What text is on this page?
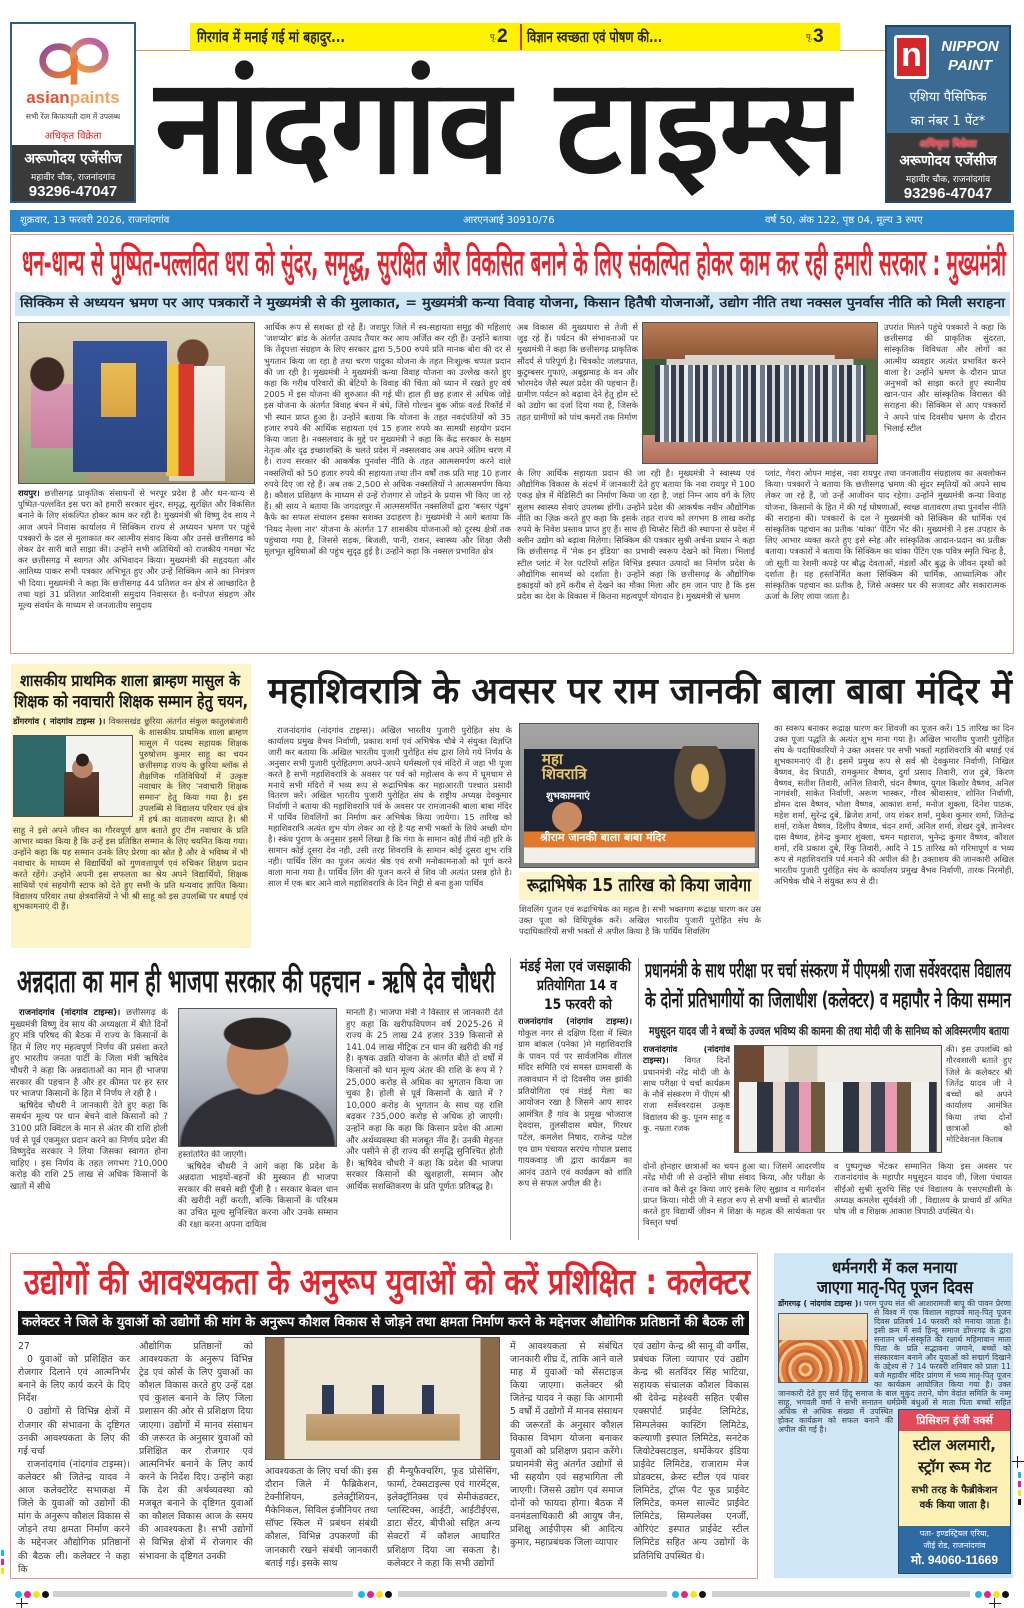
asianpaints
सभी रेंज किफायती दाम में उपलब्ध
अधिकृत विक्रेता
अरूणोदय एजेंसीज
महावीर चौक, राजनांदगांव
93296-47047
गिरगांव में मनाई गई मां बहादुर...	पृ.2 विज्ञान स्वच्छता एवं पोषण की...	पृ.3
नांदगांव टाइम्स n	NIPPON
PAINT
एशिया पैसिफिक
का नंबर 1 पेंट*
अधिकृत विक्रेता
अरूणोदय एजेंसीज
महावीर चौक, राजनांदगांव
93296-47047
शुक्रवार, 13 फरवरी 2026, राजनांदगांव	आरएनआई 30910/76	वर्ष 50, अंक 122, पृष्ठ 04, मूल्य 3 रुपए
धन-धान्य से पुष्पित-पल्लवित धरा को सुंदर, समृद्ध, सुरक्षित और विकसित बनाने के लिए संकल्पित होकर काम कर रही हमारी सरकार : मुख्यमंत्री
सिक्किम से अध्ययन भ्रमण पर आए पत्रकारों ने मुख्यमंत्री से की मुलाकात, = मुख्यमंत्री कन्या विवाह योजना, किसान हितैषी योजनाओं, उद्योग नीति तथा नक्सल पुनर्वास नीति को मिली सराहना

रायपुर। छत्तीसगढ़ प्राकृतिक संसाधनों से भरपूर प्रदेश है और धन-धान्य से पुष्पित-पल्लवित इस धरा को हमारी सरकार सुंदर, समृद्ध, सुरक्षित और विकसित बनाने के लिए संकल्पित होकर काम कर रही है। मुख्यमंत्री श्री विष्णु देव साय ने आज अपने निवास कार्यालय में सिक्किम राज्य से अध्ययन भ्रमण पर पहुंचे पत्रकारों के दल से मुलाकात कर आत्मीय संवाद किया और उनसे छत्तीसगढ़ को लेकर ढेर सारी बातें साझा की। उन्होंने सभी अतिथियों को राजकीय गमछा भेंट कर छत्तीसगढ़ में स्वागत और अभिवादन किया। मुख्यमंत्री की सहृदयता और आतिथ्य पाकर सभी पत्रकार अभिभूत हुए और उन्हें सिक्किम आने का निमंत्रण भी दिया। मुख्यमंत्री ने कहा कि छत्तीसगढ़ 44 प्रतिशत वन क्षेत्र से आच्छादित है तथा यहां 31 प्रतिशत आदिवासी समुदाय निवासरत है। वनोपज संग्रहण और मूल्य संवर्धन के माध्यम से जनजातीय समुदाय

आर्थिक रूप से सशक्त हो रहे हैं। जशपुर जिले में स्व-सहायता समूह की महिलाएं 'जशप्योर' ब्रांड के अंतर्गत उत्पाद तैयार कर आय अर्जित कर रही हैं। उन्होंने बताया कि तेंदूपत्ता संग्रहण के लिए सरकार द्वारा 5,500 रुपये प्रति मानक बोरा की दर से भुगतान किया जा रहा है तथा चरण पादुका योजना के तहत निःशुल्क चप्पल प्रदान की जा रही है। मुख्यमंत्री ने मुख्यमंत्री कन्या विवाह योजना का उल्लेख करते हुए कहा कि गरीब परिवारों की बेटियों के विवाह की चिंता को ध्यान में रखते हुए वर्ष 2005 में इस योजना की शुरुआत की गई थी। हाल ही छह हजार से अधिक जोड़े इस योजना के अंतर्गत विवाह बंधन में बंधे, जिसे गोल्डन बुक ऑफ़ वर्ल्ड रिकॉर्ड में भी स्थान प्राप्त हुआ है। उन्होंने बताया कि योजना के तहत नवदंपतियों को 35 हजार रुपये की आर्थिक सहायता एवं 15 हजार रुपये का सामग्री सहयोग प्रदान किया जाता है। नक्सलवाद के मुद्दे पर मुख्यमंत्री ने कहा कि केंद्र सरकार के सक्षम नेतृत्व और दृढ़ इच्छाशक्ति के चलते प्रदेश में नक्सलवाद अब अपने अंतिम चरण में है। राज्य सरकार की आकर्षक पुनर्वास नीति के तहत आत्मसमर्पण करने वाले नक्सलियों को 50 हजार रुपये की सहायता तथा तीन वर्षों तक प्रति माह 10 हजार रुपये दिए जा रहे हैं। अब तक 2,500 से अधिक नक्सलियों ने आत्मसमर्पण किया है। कौशल प्रशिक्षण के माध्यम से उन्हें रोजगार से जोड़ने के प्रयास भी किए जा रहे हैं। श्री साय ने बताया कि जगदलपुर में आत्मसमर्पित नक्सलियों द्वारा 'बस्तर पंडुम' कैफे का सफल संचालन इसका सशक्त उदाहरण है। मुख्यमंत्री ने आगे बताया कि 'नियद नेल्ला नार' योजना के अंतर्गत 17 शासकीय योजनाओं को दूरस्थ क्षेत्रों तक पहुंचाया गया है, जिससे सड़क, बिजली, पानी, राशन, स्वास्थ्य और शिक्षा जैसी मूलभूत सुविधाओं की पहुंच सुदृढ़ हुई है। उन्होंने कहा कि नक्सल प्रभावित क्षेत्र

अब विकास की मुख्यधारा से तेजी से जुड़ रहे हैं। पर्यटन की संभावनाओं पर मुख्यमंत्री ने कहा कि छत्तीसगढ़ प्राकृतिक सौंदर्य से परिपूर्ण है। चित्रकोट जलप्रपात, कुटुम्बसर गुफाएं, अबूझमाड़ के वन और भोरमदेव जैसे स्थल प्रदेश की पहचान हैं। ग्रामीण पर्यटन को बढ़ावा देने हेतु होम स्टे को उद्योग का दर्जा दिया गया है, जिसके तहत ग्रामीणों को पांच कमरों तक निर्माण

उपरांत मिलने पहुंचे पत्रकारों ने कहा कि छत्तीसगढ़ की प्राकृतिक सुंदरता, सांस्कृतिक विविधता और लोगों का आत्मीय व्यवहार अत्यंत प्रभावित करने वाला है। उन्होंने भ्रमण के दौरान प्राप्त अनुभवों को साझा करते हुए स्थानीय खान-पान और सांस्कृतिक विरासत की सराहना की। सिक्किम से आए पत्रकारों ने अपने पांच दिवसीय भ्रमण के दौरान भिलाई स्टील

के लिए आर्थिक सहायता प्रदान की जा रही है। मुख्यमंत्री ने स्वास्थ्य एवं औद्योगिक विकास के संदर्भ में जानकारी देते हुए बताया कि नवा रायपुर में 100 एकड़ क्षेत्र में मेडिसिटी का निर्माण किया जा रहा है, जहां निम्न आय वर्ग के लिए सुलभ स्वास्थ्य सेवाएं उपलब्ध होंगी। उन्होंने प्रदेश की आकर्षक नवीन औद्योगिक नीति का ज़िक्र करते हुए कहा कि इसके तहत राज्य को लगभग 8 लाख करोड़ रुपये के निवेश प्रस्ताव प्राप्त हुए हैं। साथ ही चिप्सेट सिटी की स्थापना से प्रदेश में क्लीन उद्योग को बढ़ावा मिलेगा। सिक्किम की पत्रकार सुश्री अर्चना प्रधान ने कहा कि छत्तीसगढ़ में 'मेक इन इंडिया' का प्रभावी स्वरूप देखने को मिला। भिलाई स्टील प्लांट में रेल पटरियों सहित विभिन्न इस्पात उत्पादों का निर्माण प्रदेश के औद्योगिक सामर्थ्य को दर्शाता है। उन्होंने कहा कि छत्तीसगढ़ के औद्योगिक इकाइयों को हमें करीब से देखने का मौका मिला और हम जान पाए है कि इस प्रदेश का देश के विकास में कितना महत्वपूर्ण योगदान है। मुख्यमंत्री से भ्रमण

प्लांट, गेवरा ओपन माइंस, नवा रायपुर तथा जनजातीय संग्रहालय का अवलोकन किया। पत्रकारों ने बताया कि छत्तीसगढ़ भ्रमण की सुंदर स्मृतियों को अपने साथ लेकर जा रहे हैं, जो उन्हें आजीवन याद रहेगा। उन्होंने मुख्यमंत्री कन्या विवाह योजना, किसानों के हित में की गई घोषणाओं, स्वच्छ वातावरण तथा पुनर्वास नीति की सराहना की। पत्रकारों के दल ने मुख्यमंत्री को सिक्किम की धार्मिक एवं सांस्कृतिक पहचान का प्रतीक 'थांका' पेंटिंग भेंट की। मुख्यमंत्री ने इस उपहार के लिए आभार व्यक्त करते हुए इसे स्नेह और सांस्कृतिक आदान-प्रदान का प्रतीक बताया। पत्रकारों ने बताया कि सिक्किम का थांका पेंटिंग एक पवित्र स्मृति चिन्ह है, जो सूती या रेशमी कपड़े पर बौद्ध देवताओं, मंडलों और बुद्ध के जीवन दृश्यों को दर्शाता है। यह हस्तनिर्मित कला सिक्किम की धार्मिक, आध्यात्मिक और सांस्कृतिक पहचान का प्रतीक है, जिसे अक्सर घर की सजावट और सकारात्मक ऊर्जा के लिए लाया जाता है।

शासकीय प्राथमिक शाला ब्राम्हण मासुल के
शिक्षक को नवाचारी शिक्षक सम्मान हेतु चयन,

डोंगरगांव ( नांदगांव टाइम्स )। विकासखंड छुरिया अंतर्गत संकुल कातुलबंजारी के शासकीय प्राथमिक शाला ब्राम्हण मासुल में पदस्थ सहायक शिक्षक पुरुषोत्तम कुमार साहू का चयन छत्तीसगढ़ राज्य के छुरिया ब्लॉक से शैक्षणिक गतिविधियों में उत्कृष्ट नवाचार के लिए 'नवाचारी शिक्षक सम्मान' हेतु किया गया है। इस उपलब्धि से विद्यालय परिवार एवं क्षेत्र में हर्ष का वातावरण व्याप्त है। श्री साहू ने इसे अपने जीवन का गौरवपूर्ण क्षण बताते हुए टीम नवाचार के प्रति आभार व्यक्त किया है कि उन्हें इस प्रतिष्ठित सम्मान के लिए चयनित किया गया। उन्होंने कहा कि यह सम्मान उनके लिए प्रेरणा का स्रोत है और वे भविष्य में भी नवाचार के माध्यम से विद्यार्थियों को गुणवत्तापूर्ण एवं रुचिकर शिक्षण प्रदान करते रहेंगे। उन्होंने अपनी इस सफलता का श्रेय अपने विद्यार्थियों, शिक्षक साथियों एवं सहयोगी स्टाफ को देते हुए सभी के प्रति धन्यवाद ज्ञापित किया। विद्यालय परिवार तथा क्षेत्रवासियों ने भी श्री साहू को इस उपलब्धि पर बधाई एवं शुभकामनाएं दी हैं।

महाशिवरात्रि के अवसर पर राम जानकी बाला बाबा मंदिर में

राजनांदगांव (नांदगांव टाइम्स)। अखिल भारतीय पुजारी पुरोहित संघ के कार्यालय प्रमुख वैभव निर्वाणी, प्रकाश शर्मा एवं अभिषेक चौबे ने संयुक्त विज्ञप्ति जारी कर बताया कि अखिल भारतीय पुजारी पुरोहित संघ द्वारा लिये गये निर्णय के अनुसार सभी पुजारी पुरोहितगण अपने-अपने धर्मस्थलों एवं मंदिरों में जहा भी पूजा करते है सभी महाशिवरात्रि के अवसर पर पर्व को महोत्सव के रूप में धूमधाम से मनाये सभी मंदिरों में भव्य रूप से रूद्राभिषेक कर महाआरती पश्चात प्रसादी वितरण करें। अखिल भारतीय पुजारी पुरोहित संघ के राष्ट्रीय अध्यक्ष देवकुमार निर्वाणी ने बताया की महाशिवरात्रि पर्व के अवसर पर रामजानकी बाला बाबा मंदिर में पार्थिव शिवलिंगों का निर्माण कर अभिषेक किया जायेगा। 15 तारिख को महाशिवरात्रि अत्यंत शुभ योग लेकर आ रहे है यह सभी भक्तों के लिये अच्छी योग है। स्कंध पुराण के अनुसार इसमें लिखा है कि गंगा के सामान कोई तीर्थ नही हरि के सामान कोई दूसरा देव नही, उसी तरह शिवरात्रि के सामान कोई दूसरा शुभ रात्रि नही। पार्थिव लिंग का पूजन अत्यंत श्रेष्ठ एवं सभी मनोकामनाओं को पूर्ण करने वाला माना गया है। पार्थिव लिंग की पूजन करने से शिव जी अत्यंत प्रसन्न होते है। साल में एक बार आने वाले महाशिवरात्रि के दिन मिट्टी से बना हुआ पार्थिव

महा
शिवरात्रि
शुभकामनाएं
श्रीराम जानकी बाला बाबा मंदिर
रूद्राभिषेक 15 तारिख को किया जावेगा

शिवलिंग पूजन एवं रूद्राभिषेक का महत्व है। सभी भक्तगण रूद्राक्ष धारण कर उस उक्त पूजा को विधिपूर्वक करें। अखिल भारतीय पुजारी पुरोहित संघ के पदाधिकारियों सभी भक्तों से अपील किया है कि पार्थिव शिवलिंग

का स्वरूप बनाकर रूद्राक्ष धारण कर शिवजी का पूजन करें। 15 तारिख का दिन उक्त पूजा पद्धति के अत्यंत शुभ माना गया है। अखिल भारतीय पुजारी पुरोहित संघ के पदाधिकारियों ने उक्त अवसर पर सभी भक्तों महाशिवरात्रि की बधाई एवं शुभकामनाएं दी है। इसमें प्रमुख रूप से सर्व श्री देवकुमार निर्वाणी, निखिल वैष्णव, वेद त्रिपाठी, रामकुमार वैष्णव, दुर्गा प्रसाद तिवारी, राज दुबे, किरण वैष्णव, सतीश तिवारी, अनिल तिवारी, चंदन वैष्णव, युगल किशोर वैष्णव, अनिल नागवंशी, साकेत निर्वाणी, अरूण भास्कर, गौरव श्रीवास्तव, शोनित निर्वाणी, डोमन दास वैष्णव, भोला वैष्णव, आकाश शर्मा, मनोज शुक्ला, दिनेश पाठक, महेश शर्मा, सुरेन्द्र दुबे, ब्रिजेश शर्मा, जय शंकर शर्मा, मुकेश कुमार शर्मा, जितेन्द्र शर्मा, राकेश वैष्णव, दिलीप वैष्णव, चंदन शर्मा, अनिल शर्मा, शेखर दुबे, ज्ञानेश्वर दास वैष्णव, हेमेन्द्र कुमार शुक्ला, चमन महाराज, भुनेन्द्र कुमार वैष्णव, कौशल शर्मा, रवि प्रकाश दुबे, रिंकु तिवारी, आदि ने 15 तारिख को गरिमापूर्ण व भव्य रूप से महाशिवरात्रि पर्व मनाने की अपील की है। उक्ताशय की जानकारी अखिल भारतीय पुजारी पुरोहित संघ के कार्यालय प्रमुख वैभव निर्वाणी, तारक निरमोही, अभिषेक चौबे ने संयुक्त रूप से दी।

अन्नदाता का मान ही भाजपा सरकार की पहचान - ऋषि देव चौधरी

राजनांदगांव (नांदगांव टाइम्स)। छत्तीसगढ़ के मुख्यमंत्री विष्णु देव साय की अध्यक्षता में बीते दिनों हुए मंत्रि परिषद की बैठक में राज्य के किसानों के हित में लिए गए महत्वपूर्ण निर्णय की प्रसंशा करते हुए भारतीय जनता पार्टी के जिला मंत्री ऋषिदेव चौधरी ने कहा कि अन्नदाताओं का मान ही भाजपा सरकार की पहचान है और हर कीमत पर हर स्तर पर भाजपा किसानों के हित में निर्णय ले रही है ।

ऋषिदेव चौधरी ने जानकारी देते हुए कहा कि समर्थन मूल्य पर धान बेचने वाले किसानों को ?3100 प्रति क्विंटल के मान से अंतर की राशि होली पर्व से पूर्व एकमुश्त प्रदान करने का निर्णय प्रदेश की विष्णुदेव सरकार ने लिया जिसका स्वागत होना चाहिए । इस निर्णय के तहत लगभग ?10,000 करोड़ की राशि 25 लाख से अधिक किसानों के खातों में सीधे

हस्तांतरित की जाएगी।

ऋषिदेव चौधरी ने आगे कहा कि प्रदेश के अन्नदाता भाइयों-बहनों की मुस्कान ही भाजपा सरकार की सबसे बड़ी पूँजी है । सरकार केवल धान की खरीदी नहीं करती, बल्कि किसानों के परिश्रम का उचित मूल्य सुनिश्चित करना और उनके सम्मान की रक्षा करना अपना दायित्व

मानती है। भाजपा मंत्री ने विस्तार से जानकारी देते हुए कहा कि खरीफविपणन वर्ष 2025-26 में राज्य के 25 लाख 24 हजार 339 किसानों से 141.04 लाख मीट्रिक टन धान की खरीदी की गई है। कृषक उन्नति योजना के अंतर्गत बीते दो वर्षों में किसानों को धान मूल्य अंतर की राशि के रूप में ?25,000 करोड़ से अधिक का भुगतान किया जा चुका है। होली से पूर्व किसानों के खाते में ?10,000 करोड़ के भुगतान के साथ यह राशि बढ़कर ?35,000 करोड़ से अधिक हो जाएगी। उन्होंने कहा कि कहा कि किसान प्रदेश की आत्मा और अर्थव्यवस्था की मजबूत नींव हैं। उनकी मेहनत और पसीने से ही राज्य की समृद्धि सुनिश्चित होती है। ऋषिदेव चौधरी ने कहा कि प्रदेश की भाजपा सरकार किसानों की खुशहाली, सम्मान और आर्थिक सशक्तिकरण के प्रति पूर्णतः प्रतिबद्ध है।

मंडई मेला एवं जसझाकी
प्रतियोगिता 14 व
15 फरवरी को

राजनांदगांव (नांदगांव टाइम्स)। गोकुल नगर से दक्षिण दिशा में स्थित ग्राम बांकल (पनेका )मे महाशिवरात्रि के पावन पर्व पर सार्वजनिक शीतल मंदिर समिति एवं समस्त ग्रामवासी के तत्वावधान में दो दिवसीय जस झांकी प्रतियोगिता एवं मंडई मेला का आयोजन रखा है जिसमे आप सादर आमंत्रित हैं गांव के प्रमुख भोजराज देवदास, तुलसीदास बघेल, गिरधर पटेल, कमलेश निषाद, राजेन्द्र पटेल एव ग्राम पंचायत सरपंच गोपाल प्रसाद गायकवाड़ जी द्वारा कार्यक्रम का आनंद उठाने एवं कार्यक्रम को शांति रूप से सफल अपील की है।

प्रधानमंत्री के साथ परीक्षा पर चर्चा संस्करण में पीएमश्री राजा सर्वेश्वरदास विद्यालय
के दोनों प्रतिभागीयों का जिलाधीश (कलेक्टर) व महापौर ने किया सम्मान
मधुसूदन यादव जी ने बच्चों के उज्वल भविष्य की कामना की तथा मोदी जी के सानिध्य को अविस्मरणीय बताया

राजनांदगांव (नांदगांव टाइम्स)। विगत दिनों प्रधानमंत्री नरेंद्र मोदी जी के साथ परीक्षा पे चर्चा कार्यक्रम के नौवें संस्करण में पीएम श्री राजा सर्वेश्वरदास उत्कृष्ट विद्यालय की कु. पूनम साहू व कु. नम्रता रजक

की। इस उपलब्धि को गौरवशाली बताते हुए जिले के कलेक्टर श्री जितेंद्र यादव जी ने बच्चों को अपने कार्यालय आमंत्रित किया तथा दोनों छात्राओं को मोटिवेशनल किताब

दोनों होनहार छात्राओं का चयन हुआ था। जिसमें आदरणीय नरेंद्र मोदी जी से उन्होंने सीधा संवाद किया, और परीक्षा के तनाव को कैसे दूर किया जाएं इसके लिए सुझाव व मार्गदर्शन प्राप्त किया। मोदी जी ने सहज रूप से सभी बच्चों से बातचीत करते हुए विद्यार्थी जीवन मे शिक्षा के महत्व की सार्थकता पर विस्तृत चर्चा

व पुष्पगुच्छ भेंटकर सम्मानित किया इस अवसर पर राजनांदगांव के महापौर मधुसूदन यादव जी, जिला पंचायत सीईओ सुश्री सुरुचि सिंह एवं विद्यालय के एसएमडीसी के अध्यक्ष कमलेश सूर्यवंशी जी , विद्यालय के प्राचार्य डॉ अमित घोष जी व शिक्षक आकाश त्रिपाठी उपस्थित थे।

उद्योगों की आवश्यकता के अनुरूप युवाओं को करें प्रशिक्षित : कलेक्टर
कलेक्टर ने जिले के युवाओं को उद्योगों की मांग के अनुरूप कौशल विकास से जोड़ने तथा क्षमता निर्माण करने के मद्देनजर औद्योगिक प्रतिष्ठानों की बैठक ली

27

0 युवाओं को प्रशिक्षित कर रोजगार दिलाने एवं आत्मनिर्भर बनाने के लिए कार्य करने के दिए निर्देश

0 उद्योगों से विभिन्न क्षेत्रों में रोजगार की संभावना के दृष्टिगत उनकी आवश्यकता के लिए की गई चर्चा

राजनांदगांव (नांदगांव टाइम्स)। कलेक्टर श्री जितेन्द्र यादव ने आज कलेक्टोरेट सभाकक्ष में जिले के युवाओं को उद्योगों की मांग के अनुरूप कौशल विकास से जोड़ने तथा क्षमता निर्माण करने के मद्देनजर औद्योगिक प्रतिष्ठानों की बैठक ली। कलेक्टर ने कहा कि

औद्योगिक प्रतिष्ठानों को आवश्यकता के अनुरूप विभिन्न ट्रेड एवं कोर्स के लिए युवाओं का कौशल विकास करते हुए उन्हें दक्ष एवं कुशल बनाने के लिए जिला प्रशासन की ओर से प्रशिक्षण दिया जाएगा। उद्योगों में मानव संसाधन की जरूरत के अनुसार युवाओं को प्रशिक्षित कर रोजगार एवं आत्मनिर्भर बनाने के लिए कार्य करने के निर्देश दिए। उन्होंने कहा कि देश की अर्थव्यवस्था को मजबूत बनाने के दृष्टिगत युवाओं का कौशल विकास आज के समय की आवश्यकता है। सभी उद्योगों से विभिन्न क्षेत्रों में रोजगार की संभावना के दृष्टिगत उनकी

आवश्यकता के लिए चर्चा की। इस दौरान जिले में फैब्रिकेशन, टेक्नीशियन, इलेक्ट्रीशियन, मैकेनिकल, सिविल इंजीनियर तथा सॉफ्ट स्किल में प्रबंधन संबंधी कौशल, विभिन्न उपकरणों की जानकारी रखने संबंधी जानकारी बताई गई। इसके साथ

ही मैन्युफैक्चरिंग, फूड प्रोसेसिंग, फार्मा, टेक्सटाइल्स एवं गारमेंट्स, इलेक्ट्रॉनिक्स एवं सेमीकंडक्टर, प्लास्टिक्स, आईटी, आईटीईएस, डाटा सेंटर, बीपीओ सहित अन्य सेक्टरों में कौशल आधारित प्रशिक्षण दिया जा सकता है। कलेक्टर ने कहा कि सभी उद्योगों

में आवश्यकता से संबंधित जानकारी शीघ्र दें, ताकि आने वाले माह में युवाओं को सेंसटाइज किया जाएगा। कलेक्टर श्री जितेन्द्र यादव ने कहा कि आगामी 5 वर्षों में उद्योगों में मानव संसाधन की जरूरतों के अनुसार कौशल विकास विभाग योजना बनाकर युवाओं को प्रशिक्षण प्रदान करेंगे। प्रधानमंत्री सेतु अंतर्गत उद्योगों से भी सहयोग एवं सहभागिता ली जाएगी। जिससे उद्योग एवं समाज दोनों को फायदा होगा। बैठक में वनमंडलाधिकारी श्री आयुष जैन, प्रशिक्षु आईपीएस श्री आदित्य कुमार, महाप्रबंधक जिला व्यापार

एवं उद्योग केन्द्र श्री सानू वी वर्गीस, प्रबंधक जिला व्यापार एवं उद्योग केन्द्र श्री सतविंदर सिंह भाटिया, सहायक संचालक कौशल विकास श्री देवेन्द्र महेश्वरी सहित एबीस एक्सपोर्ट प्राईवेट लिमिटेड, सिम्पलेक्स कास्टिंग लिमिटेड, कल्याणी इस्पात लिमिटेड, सनटेक जियोटेक्सटाइल, थर्मोकेयर इंडिया प्राईवेट लिमिटेड, राजाराम मेज प्रोडक्टस, क्रेस्ट स्टील एवं पावर लिमिटेड, ट्रॉप्स पैट फूड प्राईवेट लिमिटेड, कमल साल्वेंट प्राईवेट लिमिटेड, सिम्पलेक्स एनर्जी, ओरिएंट इस्पात प्राईवेट स्टील लिमिटेड सहित अन्य उद्योगों के प्रतिनिधि उपस्थित थे।

धर्मनगरी में कल मनाया
जाएगा मातृ-पितृ पूजन दिवस
प्रिसिशन इंजी वर्क्स
स्टील अलमारी,
स्ट्रॉग रूम गेट
सभी तरह के फैब्रीकेशन
वर्क किया जाता है।
पता- इण्डस्ट्रियल एरिया,
जीई रोड, राजनांदगांव
मो. 94060-11669

डोंगरगढ़ ( नांदगांव टाइम्स )। परम पूज्य संत श्री आशारामजी बापू की पावन प्रेरणा से विश्व में एक विशाल महापर्व मातृ-पितृ पूजन दिवस प्रतिवर्ष 14 फरवरी को मनाया जाता है। इसी क्रम में सर्व हिन्दू समाज डोंगरगढ़ के द्वारा सनातन धर्म-संस्कृति की रक्षार्थ महिमावान माता पिता के प्रति सद्भावना जगाने, बच्चों को संस्कारवान बनाने और युवाओं को सद्मार्ग दिखाने के उद्देश्य से ? 14 फरवरी शनिवार को प्रातः 11 बजे महावीर मंदिर प्रांगण में भव्य मातृ-पितृ पूजन का कार्यक्रम आयोजित किया गया है। उक्त जानकारी देते हुए सर्व हिंदू समाज के बाल मुकुंद तराने, योग वेदांत समिति के नम्मू साहू, भगवती वर्मा ने सभी सनातन धर्मप्रेमी बंधुओं से माता पिता बच्चों सहित अधिक से अधिक संख्या में उपस्थित होकर कार्यक्रम को सफल बनाने की अपील की गई है।
